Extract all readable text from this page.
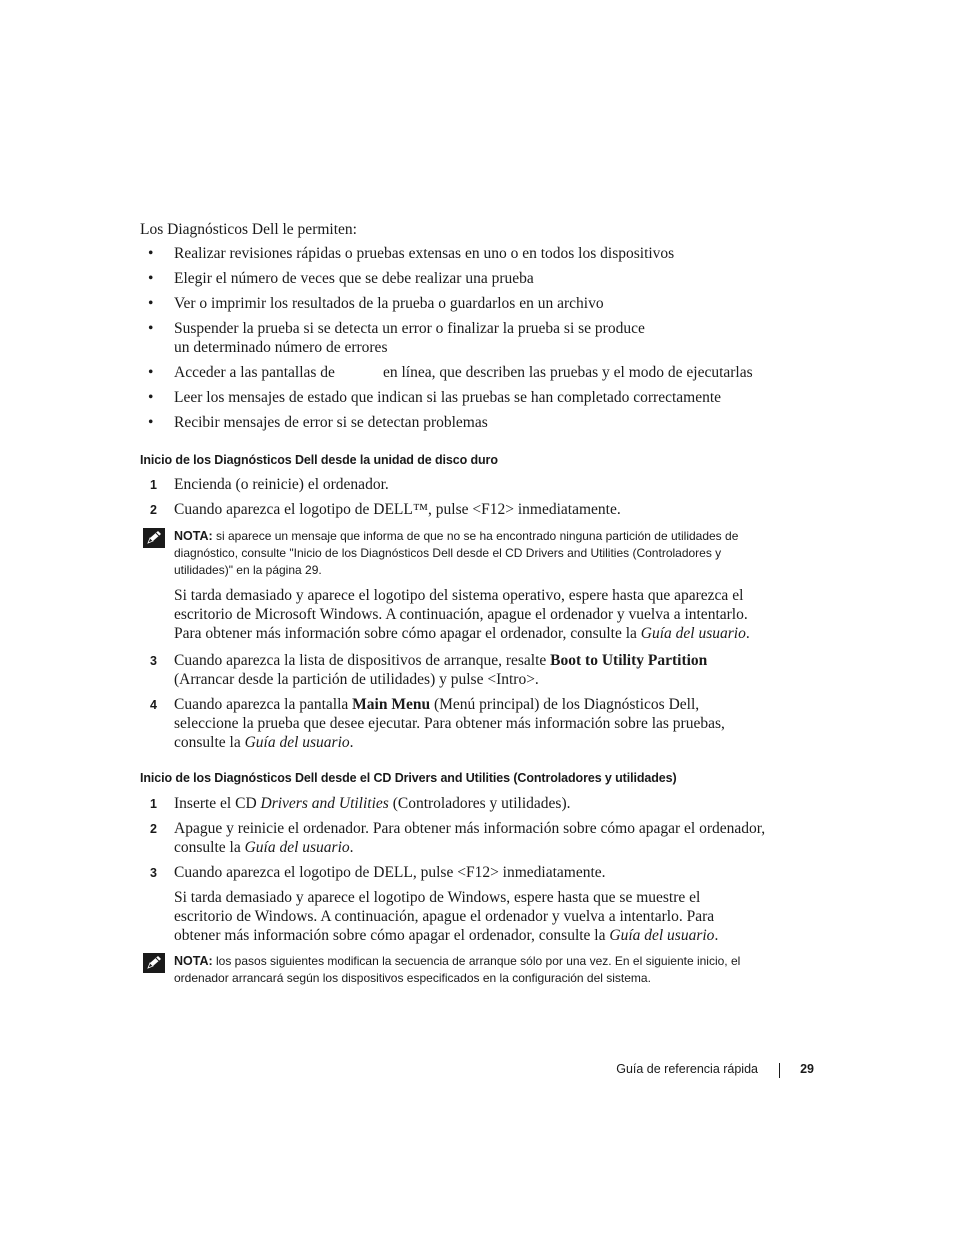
Los Diagnósticos Dell le permiten:

• Realizar revisiones rápidas o pruebas extensas en uno o en todos los dispositivos
• Elegir el número de veces que se debe realizar una prueba
• Ver o imprimir los resultados de la prueba o guardarlos en un archivo
• Suspender la prueba si se detecta un error o finalizar la prueba si se produce un determinado número de errores
• Acceder a las pantallas de	en línea, que describen las pruebas y el modo de ejecutarlas
• Leer los mensajes de estado que indican si las pruebas se han completado correctamente
• Recibir mensajes de error si se detectan problemas

Inicio de los Diagnósticos Dell desde la unidad de disco duro

1 Encienda (o reinicie) el ordenador.

2 Cuando aparezca el logotipo de DELL™, pulse <F12> inmediatamente.

NOTA: si aparece un mensaje que informa de que no se ha encontrado ninguna partición de utilidades de diagnóstico, consulte "Inicio de los Diagnósticos Dell desde el CD Drivers and Utilities (Controladores y utilidades)" en la página 29.

Si tarda demasiado y aparece el logotipo del sistema operativo, espere hasta que aparezca el escritorio de Microsoft Windows. A continuación, apague el ordenador y vuelva a intentarlo. Para obtener más información sobre cómo apagar el ordenador, consulte la Guía del usuario.

3 Cuando aparezca la lista de dispositivos de arranque, resalte Boot to Utility Partition (Arrancar desde la partición de utilidades) y pulse <Intro>.

4 Cuando aparezca la pantalla Main Menu (Menú principal) de los Diagnósticos Dell, seleccione la prueba que desee ejecutar. Para obtener más información sobre las pruebas, consulte la Guía del usuario.

Inicio de los Diagnósticos Dell desde el CD Drivers and Utilities (Controladores y utilidades)

1 Inserte el CD Drivers and Utilities (Controladores y utilidades).

2 Apague y reinicie el ordenador. Para obtener más información sobre cómo apagar el ordenador, consulte la Guía del usuario.

3 Cuando aparezca el logotipo de DELL, pulse <F12> inmediatamente.

Si tarda demasiado y aparece el logotipo de Windows, espere hasta que se muestre el escritorio de Windows. A continuación, apague el ordenador y vuelva a intentarlo. Para obtener más información sobre cómo apagar el ordenador, consulte la Guía del usuario.

NOTA: los pasos siguientes modifican la secuencia de arranque sólo por una vez. En el siguiente inicio, el ordenador arrancará según los dispositivos especificados en la configuración del sistema.

Guía de referencia rápida	29
